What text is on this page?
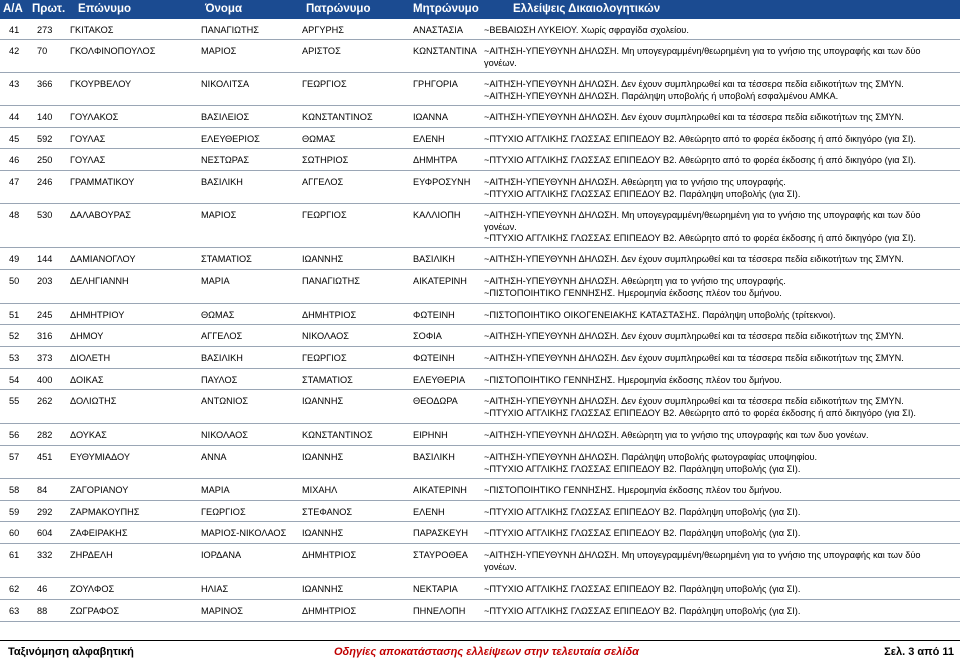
Α/Α Πρωτ. Επώνυμο	Όνομα	Πατρώνυμο	Μητρώνυμο	Ελλείψεις Δικαιολογητικών
41 273 ΓΚΙΤΑΚΟΣ	ΠΑΝΑΓΙΩΤΗΣ	ΑΡΓΥΡΗΣ	ΑΝΑΣΤΑΣΙΑ ~ΒΕΒΑΙΩΣΗ ΛΥΚΕΙΟΥ. Χωρίς σφραγίδα σχολείου.
42 70 ΓΚΟΛΦΙΝΟΠΟΥΛΟΣ	ΜΑΡΙΟΣ	ΑΡΙΣΤΟΣ	ΚΩΝΣΤΑΝΤΙΝΑ ~ΑΙΤΗΣΗ-ΥΠΕΥΘΥΝΗ ΔΗΛΩΣΗ. Μη υπογεγραμμένη/θεωρημένη για το γνήσιο της υπογραφής και των δύο γονέων.
43 366 ΓΚΟΥΡΒΕΛΟΥ	ΝΙΚΟΛΙΤΣΑ	ΓΕΩΡΓΙΟΣ	ΓΡΗΓΟΡΙΑ	~ΑΙΤΗΣΗ-ΥΠΕΥΘΥΝΗ ΔΗΛΩΣΗ. Δεν έχουν συμπληρωθεί και τα τέσσερα πεδία ειδικοτήτων της ΣΜΥΝ.
~ΑΙΤΗΣΗ-ΥΠΕΥΘΥΝΗ ΔΗΛΩΣΗ. Παράληψη υποβολής ή υποβολή εσφαλμένου ΑΜΚΑ.
44 140 ΓΟΥΛΑΚΟΣ	ΒΑΣΙΛΕΙΟΣ	ΚΩΝΣΤΑΝΤΙΝΟΣ	ΙΩΑΝΝΑ	~ΑΙΤΗΣΗ-ΥΠΕΥΘΥΝΗ ΔΗΛΩΣΗ. Δεν έχουν συμπληρωθεί και τα τέσσερα πεδία ειδικοτήτων της ΣΜΥΝ.
45 592 ΓΟΥΛΑΣ	ΕΛΕΥΘΕΡΙΟΣ	ΘΩΜΑΣ	ΕΛΕΝΗ	~ΠΤΥΧΙΟ ΑΓΓΛΙΚΗΣ ΓΛΩΣΣΑΣ ΕΠΙΠΕΔΟΥ Β2. Αθεώρητο από το φορέα έκδοσης ή από δικηγόρο (για ΣΙ).
46 250 ΓΟΥΛΑΣ	ΝΕΣΤΩΡΑΣ	ΣΩΤΗΡΙΟΣ	ΔΗΜΗΤΡΑ	~ΠΤΥΧΙΟ ΑΓΓΛΙΚΗΣ ΓΛΩΣΣΑΣ ΕΠΙΠΕΔΟΥ Β2. Αθεώρητο από το φορέα έκδοσης ή από δικηγόρο (για ΣΙ).
47 246 ΓΡΑΜΜΑΤΙΚΟΥ	ΒΑΣΙΛΙΚΗ	ΑΓΓΕΛΟΣ	ΕΥΦΡΟΣΥΝΗ ~ΑΙΤΗΣΗ-ΥΠΕΥΘΥΝΗ ΔΗΛΩΣΗ. Αθεώρητη για το γνήσιο της υπογραφής.
~ΠΤΥΧΙΟ ΑΓΓΛΙΚΗΣ ΓΛΩΣΣΑΣ ΕΠΙΠΕΔΟΥ Β2. Παράληψη υποβολής (για ΣΙ).
48 530 ΔΑΛΑΒΟΥΡΑΣ	ΜΑΡΙΟΣ	ΓΕΩΡΓΙΟΣ	ΚΑΛΛΙΟΠΗ	~ΑΙΤΗΣΗ-ΥΠΕΥΘΥΝΗ ΔΗΛΩΣΗ. Μη υπογεγραμμένη/θεωρημένη για το γνήσιο της υπογραφής και των δύο γονέων.
~ΠΤΥΧΙΟ ΑΓΓΛΙΚΗΣ ΓΛΩΣΣΑΣ ΕΠΙΠΕΔΟΥ Β2. Αθεώρητο από το φορέα έκδοσης ή από δικηγόρο (για ΣΙ).
49 144 ΔΑΜΙΑΝΟΓΛΟΥ	ΣΤΑΜΑΤΙΟΣ	ΙΩΑΝΝΗΣ	ΒΑΣΙΛΙΚΗ	~ΑΙΤΗΣΗ-ΥΠΕΥΘΥΝΗ ΔΗΛΩΣΗ. Δεν έχουν συμπληρωθεί και τα τέσσερα πεδία ειδικοτήτων της ΣΜΥΝ.
50 203 ΔΕΛΗΓΙΑΝΝΗ	ΜΑΡΙΑ	ΠΑΝΑΓΙΩΤΗΣ	ΑΙΚΑΤΕΡΙΝΗ ~ΑΙΤΗΣΗ-ΥΠΕΥΘΥΝΗ ΔΗΛΩΣΗ. Αθεώρητη για το γνήσιο της υπογραφής.
~ΠΙΣΤΟΠΟΙΗΤΙΚΟ ΓΕΝΝΗΣΗΣ. Ημερομηνία έκδοσης πλέον του δμήνου.
51 245 ΔΗΜΗΤΡΙΟΥ	ΘΩΜΑΣ	ΔΗΜΗΤΡΙΟΣ	ΦΩΤΕΙΝΗ	~ΠΙΣΤΟΠΟΙΗΤΙΚΟ ΟΙΚΟΓΕΝΕΙΑΚΗΣ ΚΑΤΑΣΤΑΣΗΣ. Παράληψη υποβολής (τρίτεκνοι).
52 316 ΔΗΜΟΥ	ΑΓΓΕΛΟΣ	ΝΙΚΟΛΑΟΣ	ΣΟΦΙΑ	~ΑΙΤΗΣΗ-ΥΠΕΥΘΥΝΗ ΔΗΛΩΣΗ. Δεν έχουν συμπληρωθεί και τα τέσσερα πεδία ειδικοτήτων της ΣΜΥΝ.
53 373 ΔΙΟΛΕΤΗ	ΒΑΣΙΛΙΚΗ	ΓΕΩΡΓΙΟΣ	ΦΩΤΕΙΝΗ	~ΑΙΤΗΣΗ-ΥΠΕΥΘΥΝΗ ΔΗΛΩΣΗ. Δεν έχουν συμπληρωθεί και τα τέσσερα πεδία ειδικοτήτων της ΣΜΥΝ.
54 400 ΔΟΙΚΑΣ	ΠΑΥΛΟΣ	ΣΤΑΜΑΤΙΟΣ	ΕΛΕΥΘΕΡΙΑ ~ΠΙΣΤΟΠΟΙΗΤΙΚΟ ΓΕΝΝΗΣΗΣ. Ημερομηνία έκδοσης πλέον του δμήνου.
55 262 ΔΟΛΙΩΤΗΣ	ΑΝΤΩΝΙΟΣ	ΙΩΑΝΝΗΣ	ΘΕΟΔΩΡΑ	~ΑΙΤΗΣΗ-ΥΠΕΥΘΥΝΗ ΔΗΛΩΣΗ. Δεν έχουν συμπληρωθεί και τα τέσσερα πεδία ειδικοτήτων της ΣΜΥΝ.
~ΠΤΥΧΙΟ ΑΓΓΛΙΚΗΣ ΓΛΩΣΣΑΣ ΕΠΙΠΕΔΟΥ Β2. Αθεώρητο από το φορέα έκδοσης ή από δικηγόρο (για ΣΙ).
56 282 ΔΟΥΚΑΣ	ΝΙΚΟΛΑΟΣ	ΚΩΝΣΤΑΝΤΙΝΟΣ	ΕΙΡΗΝΗ	~ΑΙΤΗΣΗ-ΥΠΕΥΘΥΝΗ ΔΗΛΩΣΗ. Αθεώρητη για το γνήσιο της υπογραφής και των δυο γονέων.
57 451 ΕΥΘΥΜΙΑΔΟΥ	ΑΝΝΑ	ΙΩΑΝΝΗΣ	ΒΑΣΙΛΙΚΗ	~ΑΙΤΗΣΗ-ΥΠΕΥΘΥΝΗ ΔΗΛΩΣΗ. Παράληψη υποβολής φωτογραφίας υποψηφίου.
~ΠΤΥΧΙΟ ΑΓΓΛΙΚΗΣ ΓΛΩΣΣΑΣ ΕΠΙΠΕΔΟΥ Β2. Παράληψη υποβολής (για ΣΙ).
58 84 ΖΑΓΟΡΙΑΝΟΥ	ΜΑΡΙΑ	ΜΙΧΑΗΛ	ΑΙΚΑΤΕΡΙΝΗ ~ΠΙΣΤΟΠΟΙΗΤΙΚΟ ΓΕΝΝΗΣΗΣ. Ημερομηνία έκδοσης πλέον του δμήνου.
59 292 ΖΑΡΜΑΚΟΥΠΗΣ	ΓΕΩΡΓΙΟΣ	ΣΤΕΦΑΝΟΣ	ΕΛΕΝΗ	~ΠΤΥΧΙΟ ΑΓΓΛΙΚΗΣ ΓΛΩΣΣΑΣ ΕΠΙΠΕΔΟΥ Β2. Παράληψη υποβολής (για ΣΙ).
60 604 ΖΑΦΕΙΡΑΚΗΣ	ΜΑΡΙΟΣ-ΝΙΚΟΛΑΟΣ ΙΩΑΝΝΗΣ	ΠΑΡΑΣΚΕΥΗ ~ΠΤΥΧΙΟ ΑΓΓΛΙΚΗΣ ΓΛΩΣΣΑΣ ΕΠΙΠΕΔΟΥ Β2. Παράληψη υποβολής (για ΣΙ).
61 332 ΖΗΡΔΕΛΗ	ΙΟΡΔΑΝΑ	ΔΗΜΗΤΡΙΟΣ	ΣΤΑΥΡΟΘΕΑ ~ΑΙΤΗΣΗ-ΥΠΕΥΘΥΝΗ ΔΗΛΩΣΗ. Μη υπογεγραμμένη/θεωρημένη για το γνήσιο της υπογραφής και των δύο γονέων.
62 46 ΖΟΥΛΦΟΣ	ΗΛΙΑΣ	ΙΩΑΝΝΗΣ	ΝΕΚΤΑΡΙΑ	~ΠΤΥΧΙΟ ΑΓΓΛΙΚΗΣ ΓΛΩΣΣΑΣ ΕΠΙΠΕΔΟΥ Β2. Παράληψη υποβολής (για ΣΙ).
63 88 ΖΩΓΡΑΦΟΣ	ΜΑΡΙΝΟΣ	ΔΗΜΗΤΡΙΟΣ	ΠΗΝΕΛΟΠΗ ~ΠΤΥΧΙΟ ΑΓΓΛΙΚΗΣ ΓΛΩΣΣΑΣ ΕΠΙΠΕΔΟΥ Β2. Παράληψη υποβολής (για ΣΙ).
Ταξινόμηση αλφαβητική	Οδηγίες αποκατάστασης ελλείψεων στην τελευταία σελίδα	Σελ. 3 από 11
